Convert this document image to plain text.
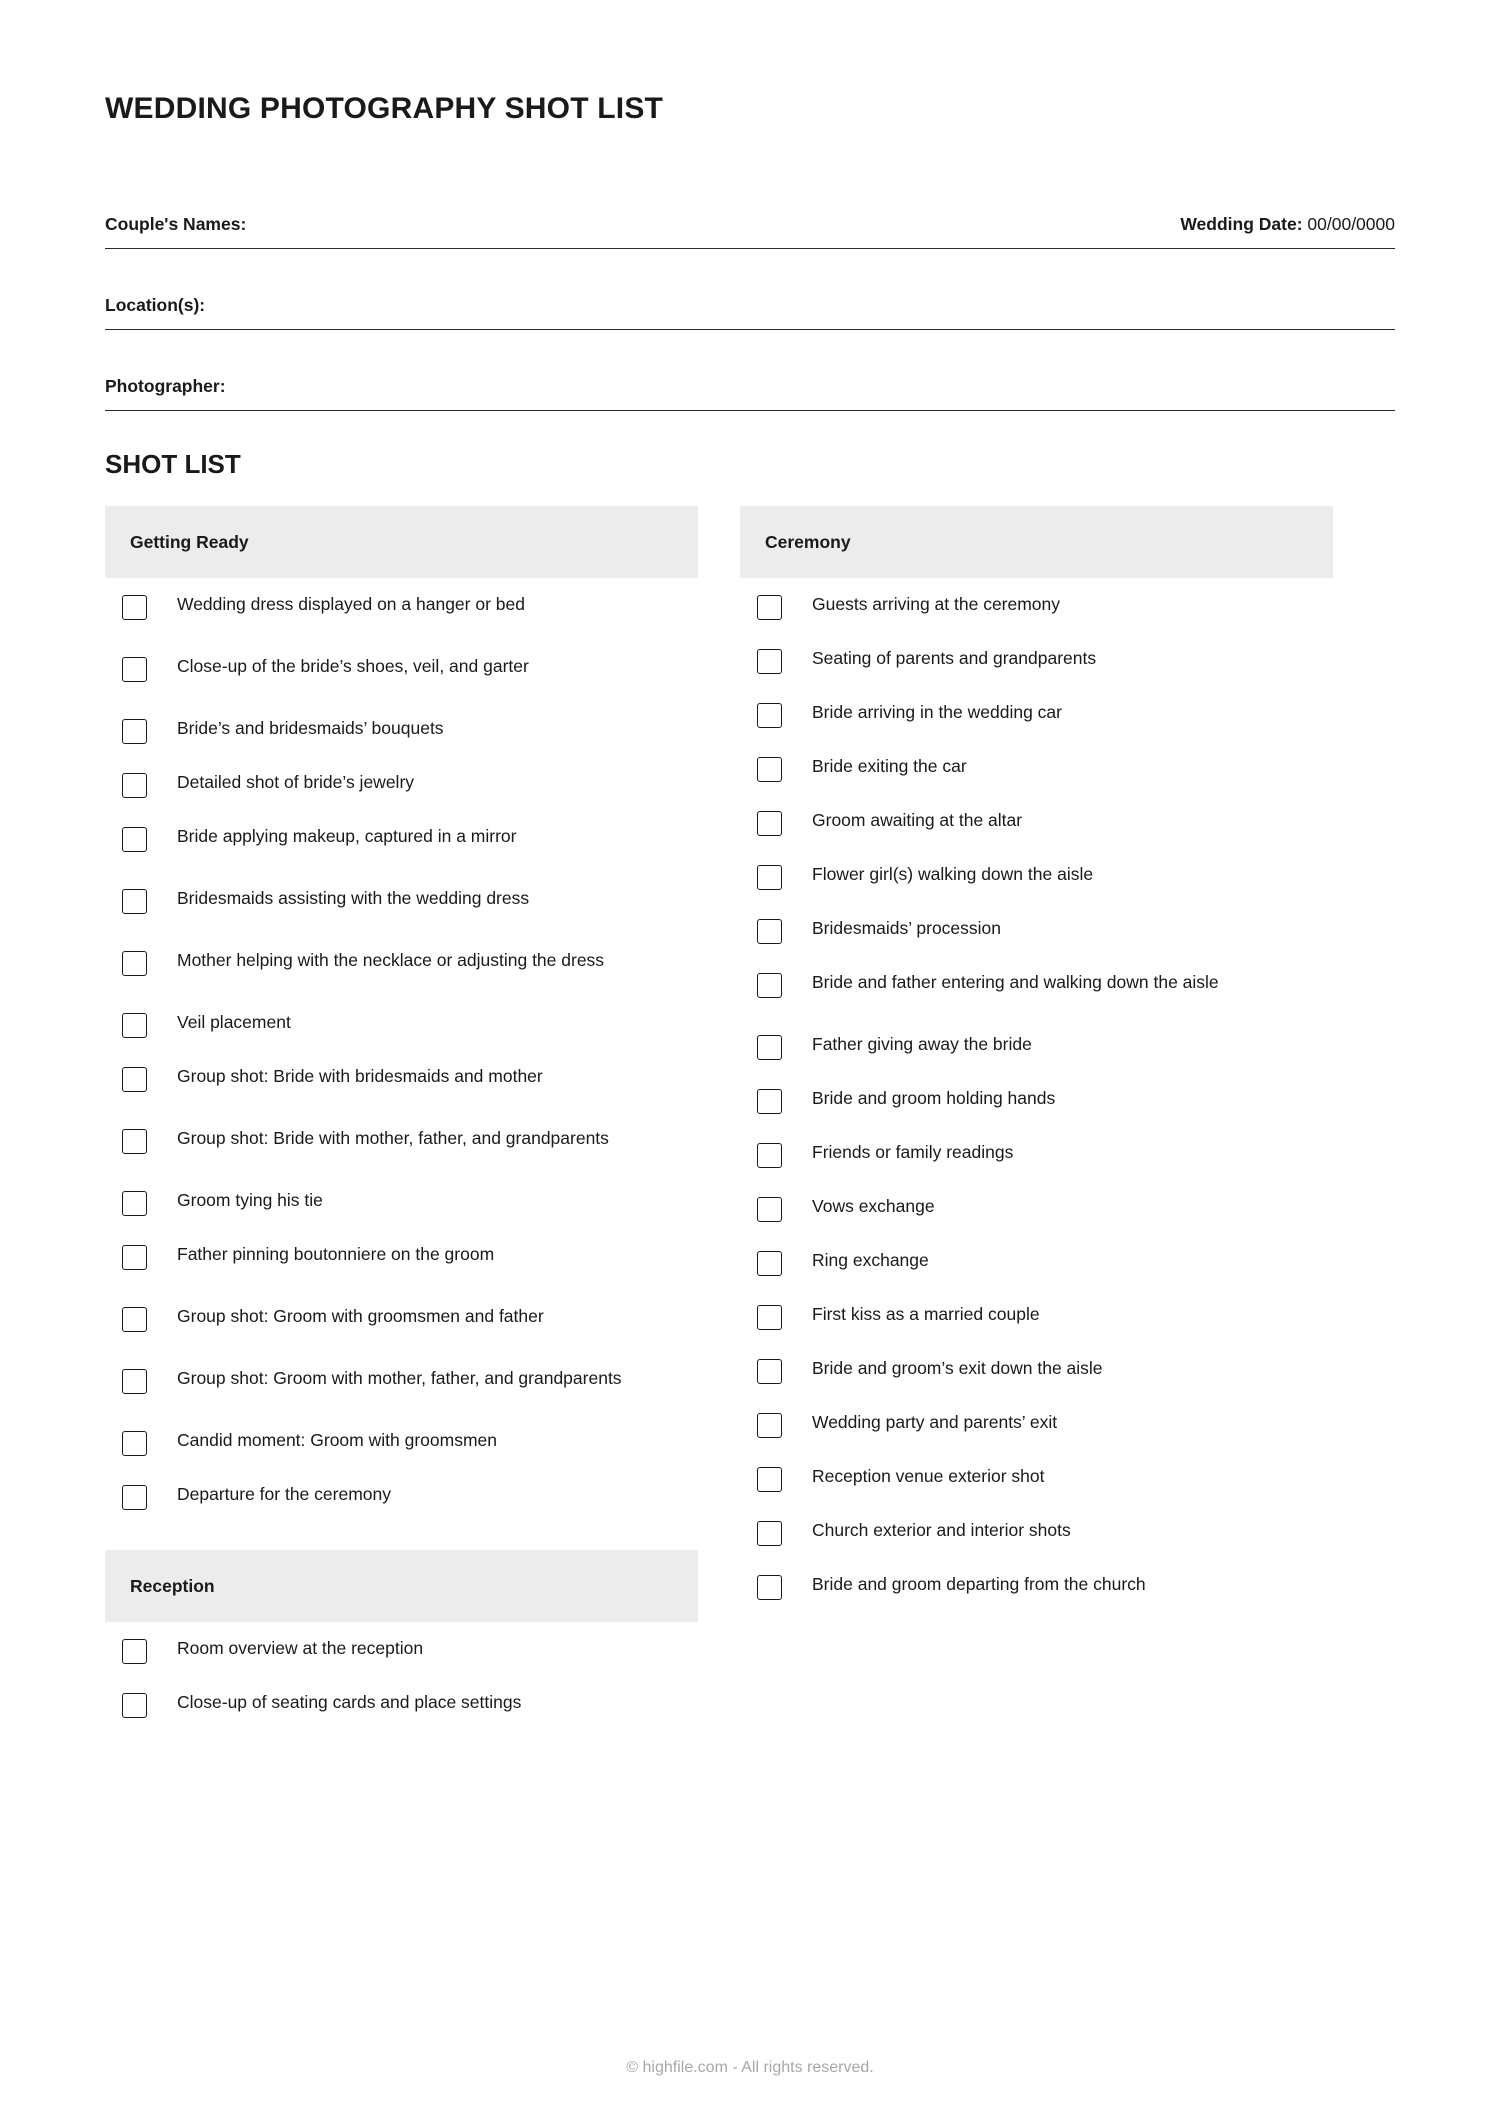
WEDDING PHOTOGRAPHY SHOT LIST
Couple's Names:	Wedding Date: 00/00/0000
Location(s):
Photographer:
SHOT LIST
Getting Ready
Wedding dress displayed on a hanger or bed
Close-up of the bride’s shoes, veil, and garter
Bride’s and bridesmaids’ bouquets
Detailed shot of bride’s jewelry
Bride applying makeup, captured in a mirror
Bridesmaids assisting with the wedding dress
Mother helping with the necklace or adjusting the dress
Veil placement
Group shot: Bride with bridesmaids and mother
Group shot: Bride with mother, father, and grandparents
Groom tying his tie
Father pinning boutonniere on the groom
Group shot: Groom with groomsmen and father
Group shot: Groom with mother, father, and grandparents
Candid moment: Groom with groomsmen
Departure for the ceremony
Reception
Room overview at the reception
Close-up of seating cards and place settings
Ceremony
Guests arriving at the ceremony
Seating of parents and grandparents
Bride arriving in the wedding car
Bride exiting the car
Groom awaiting at the altar
Flower girl(s) walking down the aisle
Bridesmaids’ procession
Bride and father entering and walking down the aisle
Father giving away the bride
Bride and groom holding hands
Friends or family readings
Vows exchange
Ring exchange
First kiss as a married couple
Bride and groom’s exit down the aisle
Wedding party and parents’ exit
Reception venue exterior shot
Church exterior and interior shots
Bride and groom departing from the church
© highfile.com - All rights reserved.
